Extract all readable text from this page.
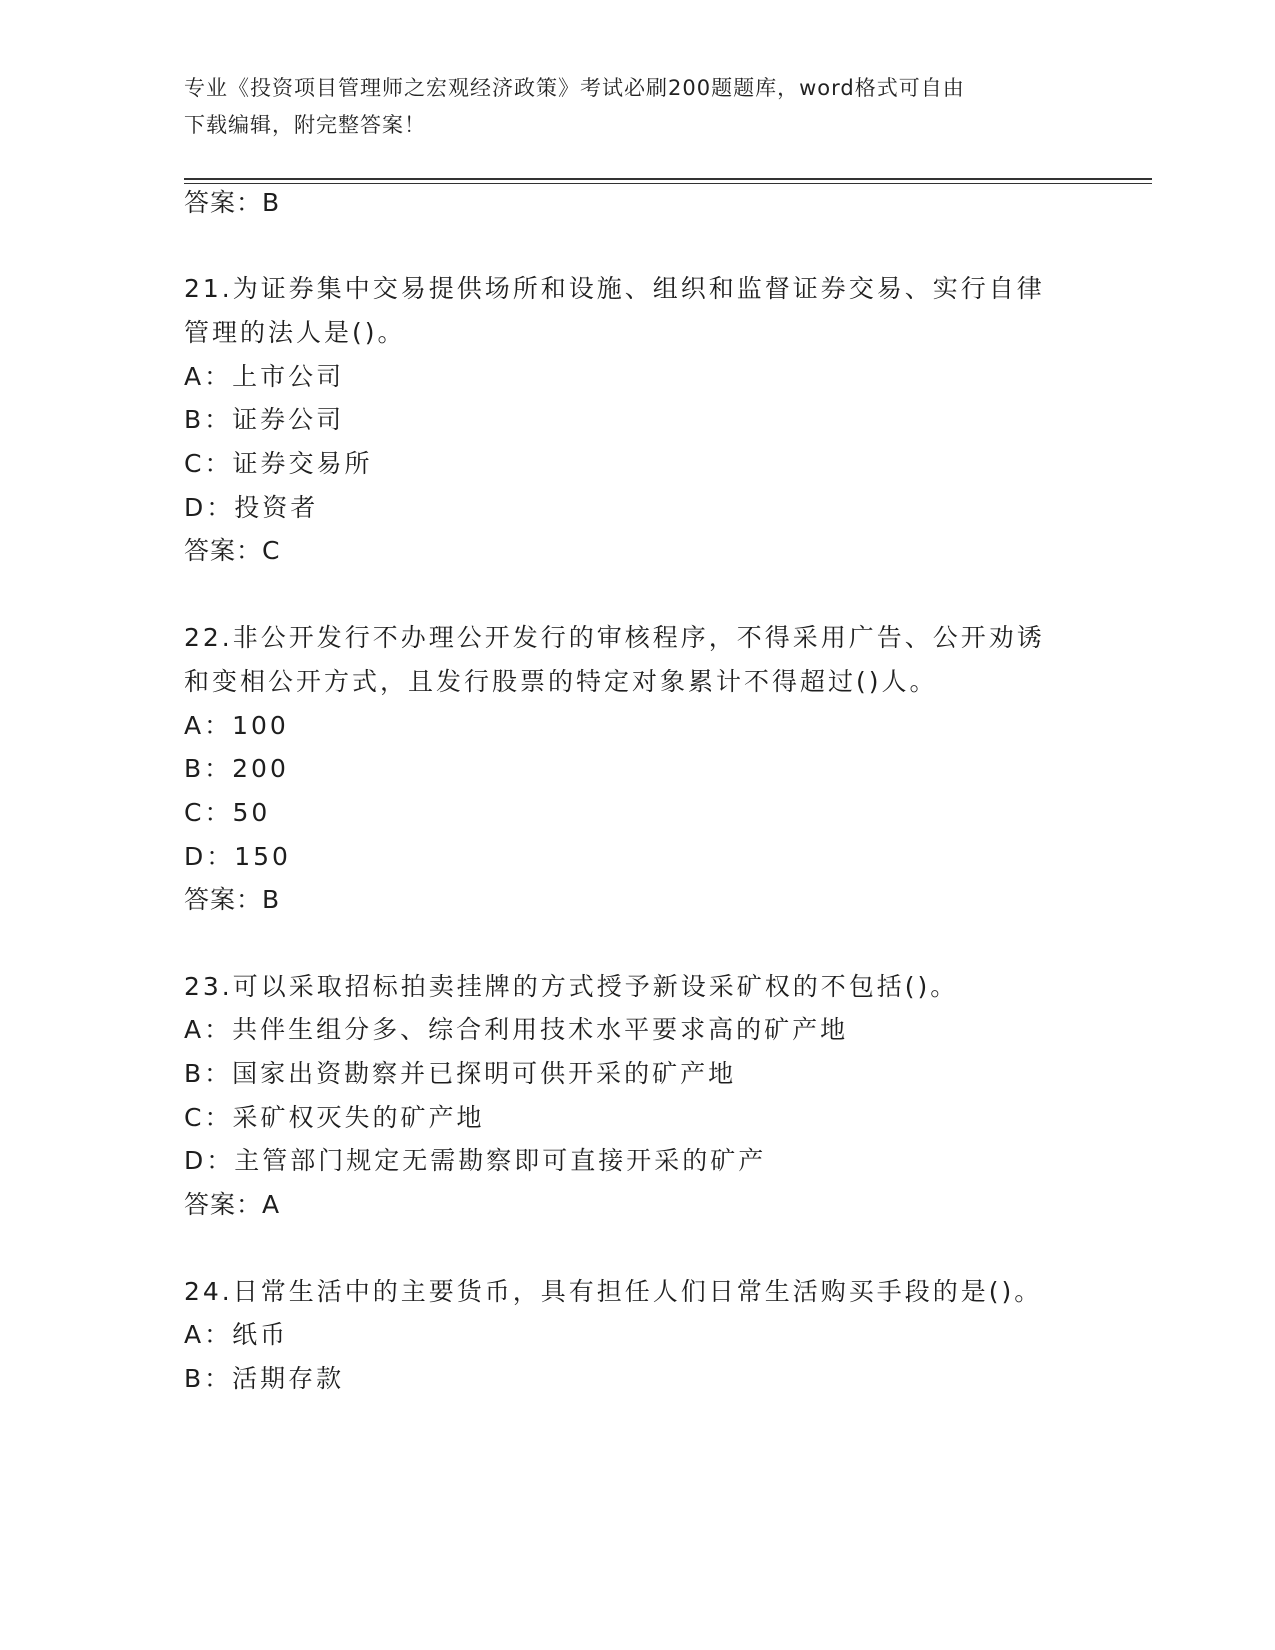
专业《投资项目管理师之宏观经济政策》考试必刷200题题库，word格式可自由
下载编辑，附完整答案！
答案：B
21.为证券集中交易提供场所和设施、组织和监督证券交易、实行自律
管理的法人是()。
A：上市公司
B：证券公司
C：证券交易所
D：投资者
答案：C
22.非公开发行不办理公开发行的审核程序，不得采用广告、公开劝诱
和变相公开方式，且发行股票的特定对象累计不得超过()人。
A：100
B：200
C：50
D：150
答案：B
23.可以采取招标拍卖挂牌的方式授予新设采矿权的不包括()。
A：共伴生组分多、综合利用技术水平要求高的矿产地
B：国家出资勘察并已探明可供开采的矿产地
C：采矿权灭失的矿产地
D：主管部门规定无需勘察即可直接开采的矿产
答案：A
24.日常生活中的主要货币，具有担任人们日常生活购买手段的是()。
A：纸币
B：活期存款
